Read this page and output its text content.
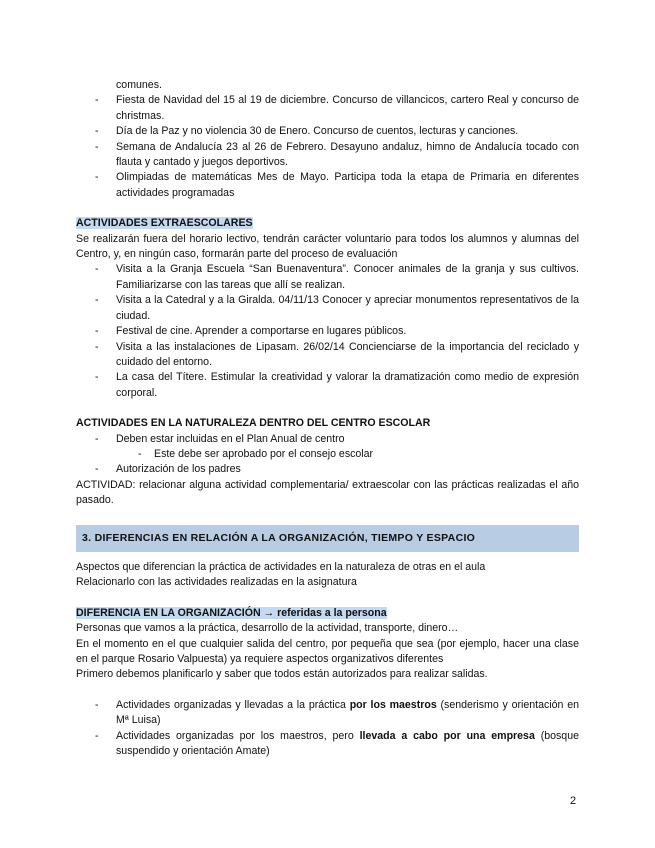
comunes.

- Fiesta de Navidad del 15 al 19 de diciembre. Concurso de villancicos, cartero Real y concurso de christmas.

- Día de la Paz y no violencia 30 de Enero. Concurso de cuentos, lecturas y canciones.

- Semana de Andalucía 23 al 26 de Febrero. Desayuno andaluz, himno de Andalucía tocado con flauta y cantado y juegos deportivos.

- Olimpiadas de matemáticas Mes de Mayo. Participa toda la etapa de Primaria en diferentes actividades programadas

ACTIVIDADES EXTRAESCOLARES

Se realizarán fuera del horario lectivo, tendrán carácter voluntario para todos los alumnos y alumnas del Centro, y, en ningún caso, formarán parte del proceso de evaluación

- Visita a la Granja Escuela “San Buenaventura”. Conocer animales de la granja y sus cultivos. Familiarizarse con las tareas que allí se realizan.

- Visita a la Catedral y a la Giralda. 04/11/13 Conocer y apreciar monumentos representativos de la ciudad.

- Festival de cine. Aprender a comportarse en lugares públicos.

- Visita a las instalaciones de Lipasam. 26/02/14 Concienciarse de la importancia del reciclado y cuidado del entorno.

- La casa del Títere. Estimular la creatividad y valorar la dramatización como medio de expresión corporal.

ACTIVIDADES EN LA NATURALEZA DENTRO DEL CENTRO ESCOLAR

- Deben estar incluidas en el Plan Anual de centro

- Este debe ser aprobado por el consejo escolar

- Autorización de los padres

ACTIVIDAD: relacionar alguna actividad complementaria/ extraescolar con las prácticas realizadas el año pasado.

3. DIFERENCIAS EN RELACIÓN A LA ORGANIZACIÓN, TIEMPO Y ESPACIO

Aspectos que diferencian la práctica de actividades en la naturaleza de otras en el aula

Relacionarlo con las actividades realizadas en la asignatura

DIFERENCIA EN LA ORGANIZACIÓN → referidas a la persona

Personas que vamos a la práctica, desarrollo de la actividad, transporte, dinero…

En el momento en el que cualquier salida del centro, por pequeña que sea (por ejemplo, hacer una clase en el parque Rosario Valpuesta) ya requiere aspectos organizativos diferentes

Primero debemos planificarlo y saber que todos están autorizados para realizar salidas.

- Actividades organizadas y llevadas a la práctica por los maestros (senderismo y orientación en Mª Luisa)

- Actividades organizadas por los maestros, pero llevada a cabo por una empresa (bosque suspendido y orientación Amate)

2
